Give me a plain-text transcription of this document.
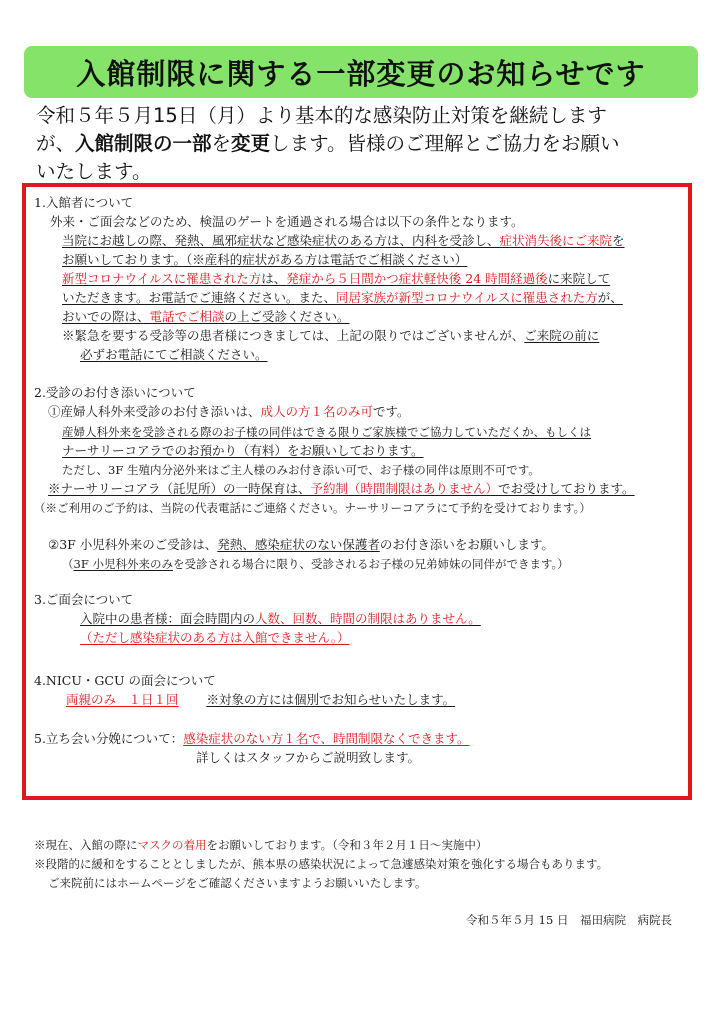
入館制限に関する一部変更のお知らせです
令和５年５月15日（月）より基本的な感染防止対策を継続します
が、入館制限の一部を変更します。皆様のご理解とご協力をお願い
いたします。
1.入館者について
外来・ご面会などのため、検温のゲートを通過される場合は以下の条件となります。
当院にお越しの際、発熱、風邪症状など感染症状のある方は、内科を受診し、症状消失後にご来院を
お願いしております。（※産科的症状がある方は電話でご相談ください）
新型コロナウイルスに罹患された方は、発症から５日間かつ症状軽快後 24 時間経過後に来院して
いただきます。お電話でご連絡ください。また、同居家族が新型コロナウイルスに罹患された方が、
おいでの際は、電話でご相談の上ご受診ください。
※緊急を要する受診等の患者様につきましては、上記の限りではございませんが、ご来院の前に
必ずお電話にてご相談ください。
2.受診のお付き添いについて
①産婦人科外来受診のお付き添いは、成人の方１名のみ可です。
産婦人科外来を受診される際のお子様の同伴はできる限りご家族様でご協力していただくか、もしくは
ナーサリーコアラでのお預かり（有料）をお願いしております。
ただし、3F 生殖内分泌外来はご主人様のみお付き添い可で、お子様の同伴は原則不可です。
※ナーサリーコアラ（託児所）の一時保育は、予約制（時間制限はありません）でお受けしております。
（※ご利用のご予約は、当院の代表電話にご連絡ください。ナーサリーコアラにて予約を受けております。）
②3F 小児科外来のご受診は、発熱、感染症状のない保護者のお付き添いをお願いします。
（3F 小児科外来のみを受診される場合に限り、受診されるお子様の兄弟姉妹の同伴ができます。）
3.ご面会について
入院中の患者様：面会時間内の人数、回数、時間の制限はありません。
（ただし感染症状のある方は入館できません。）
4.NICU・GCU の面会について
両親のみ　１日１回 ※対象の方には個別でお知らせいたします。
5.立ち会い分娩について：感染症状のない方１名で、時間制限なくできます。
詳しくはスタッフからご説明致します。
※現在、入館の際にマスクの着用をお願いしております。（令和３年２月１日～実施中）
※段階的に緩和をすることとしましたが、熊本県の感染状況によって急遽感染対策を強化する場合もあります。
ご来院前にはホームページをご確認くださいますようお願いいたします。
令和５年５月 15 日　福田病院　病院長
